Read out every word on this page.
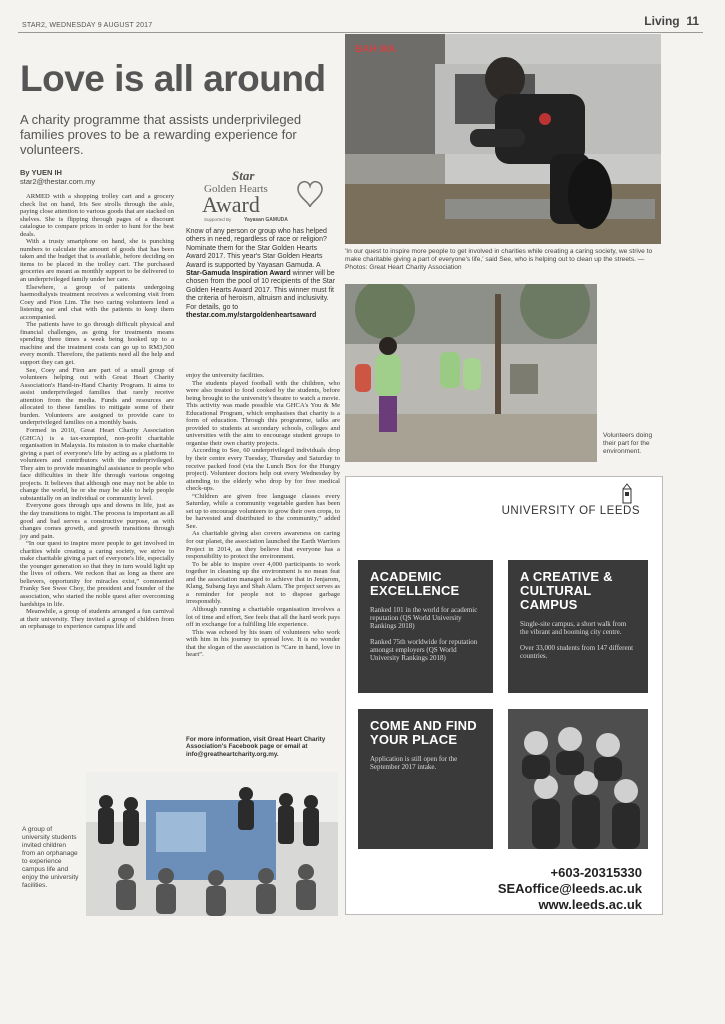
STAR2, WEDNESDAY 9 AUGUST 2017	Living 11
Love is all around
A charity programme that assists underprivileged families proves to be a rewarding experience for volunteers.
By YUEN IH
star2@thestar.com.my

ARMED with a shopping trolley cart and a grocery check list on hand, Iris See strolls through the aisle, paying close attention to various goods that are stacked on shelves. She is flipping through pages of a discount catalogue to compare prices in order to hunt for the best deals.

With a trusty smartphone on hand, she is punching numbers to calculate the amount of goods that has been taken and the budget that is available, before deciding on items to be placed in the trolley cart. The purchased groceries are meant as monthly support to be delivered to an underprivileged family under her care.

Elsewhere, a group of patients undergoing haemodialysis treatment receives a welcoming visit from Coey and Fion Lim. The two caring volunteers lend a listening ear and chat with the patients to keep them accompanied.

The patients have to go through difficult physical and financial challenges, as going for treatments means spending three times a week being hooked up to a machine and the treatment costs can go up to RM3,500 every month. Therefore, the patients need all the help and support they can get.

See, Coey and Fion are part of a small group of volunteers helping out with Great Heart Charity Association's Hand-in-Hand Charity Program. It aims to assist underprivileged families that rarely receive attention from the media. Funds and resources are allocated to these families to mitigate some of their burden. Volunteers are assigned to provide care to underprivileged families on a monthly basis.

Formed in 2010, Great Heart Charity Association (GHCA) is a tax-exempted, non-profit charitable organisation in Malaysia. Its mission is to make charitable giving a part of everyone's life by acting as a platform to volunteers and contributors with the underprivileged. They aim to provide meaningful assistance to people who face difficulties in their life through various ongoing projects. It believes that although one may not be able to change the world, he or she may be able to help people substantially on an individual or community level.

Everyone goes through ups and downs in life, just as the day transitions to night. The process is important as all good and bad serves a constructive purpose, as with changes comes growth, and growth transitions through joy and pain.

“In our quest to inspire more people to get involved in charities while creating a caring society, we strive to make charitable giving a part of everyone's life, especially the younger generation so that they in turn would light up the lives of others. We reckon that as long as there are believers, opportunity for miracles exist,” commented Franky See Swee Choy, the president and founder of the association, who started the noble quest after overcoming hardships in life.

Meanwhile, a group of students arranged a fun carnival at their university. They invited a group of children from an orphanage to experience campus life and

Star
Golden Hearts
Award
Supported By	Yayasan GAMUDA
Know of any person or group who has helped others in need, regardless of race or religion? Nominate them for the Star Golden Hearts Award 2017. This year's Star Golden Hearts Award is supported by Yayasan Gamuda. A Star-Gamuda Inspiration Award winner will be chosen from the pool of 10 recipients of the Star Golden Hearts Award 2017. This winner must fit the criteria of heroism, altruism and inclusivity. For details, go to thestar.com.my/stargoldenheartsaward

enjoy the university facilities.

The students played football with the children, who were also treated to food cooked by the students, before being brought to the university's theatre to watch a movie. This activity was made possible via GHCA's You & Me Educational Program, which emphasises that charity is a form of education. Through this programme, talks are provided to students at secondary schools, colleges and universities with the aim to encourage student groups to organise their own charity projects.

According to See, 60 underprivileged individuals drop by their centre every Tuesday, Thursday and Saturday to receive packed food (via the Lunch Box for the Hungry project). Volunteer doctors help out every Wednesday by attending to the elderly who drop by for free medical check-ups.

“Children are given free language classes every Saturday, while a community vegetable garden has been set up to encourage volunteers to grow their own crops, to be harvested and distributed to the community,” added See.

As charitable giving also covers awareness on caring for our planet, the association launched the Earth Warriors Project in 2014, as they believe that everyone has a responsibility to protect the environment.

To be able to inspire over 4,000 participants to work together in cleaning up the environment is no mean feat and the association managed to achieve that in Jenjarom, Klang, Subang Jaya and Shah Alam. The project serves as a reminder for people not to dispose garbage irresponsibly.

Although running a charitable organisation involves a lot of time and effort, See feels that all the hard work pays off in exchange for a fulfilling life experience.

This was echoed by his team of volunteers who work with him in his journey to spread love. It is no wonder that the slogan of the association is “Care in hand, love in heart”.

For more information, visit Great Heart Charity Association's Facebook page or email at info@greatheartcharity.org.my.
BAH WA
'In our quest to inspire more people to get involved in charities while creating a caring society, we strive to make charitable giving a part of everyone's life,' said See, who is helping out to clean up the streets. — Photos: Great Heart Charity Association
Volunteers doing their part for the environment.
A group of university students invited children from an orphanage to experience campus life and enjoy the university facilities.
UNIVERSITY OF LEEDS
ACADEMIC EXCELLENCE

Ranked 101 in the world for academic reputation (QS World University Rankings 2018)

Ranked 75th worldwide for reputation amongst employers (QS World University Rankings 2018)

A CREATIVE & CULTURAL CAMPUS

Single-site campus, a short walk from the vibrant and booming city centre.

Over 33,000 students from 147 different countries.

COME AND FIND YOUR PLACE

Application is still open for the September 2017 intake.

+603-20315330
SEAoffice@leeds.ac.uk
www.leeds.ac.uk
